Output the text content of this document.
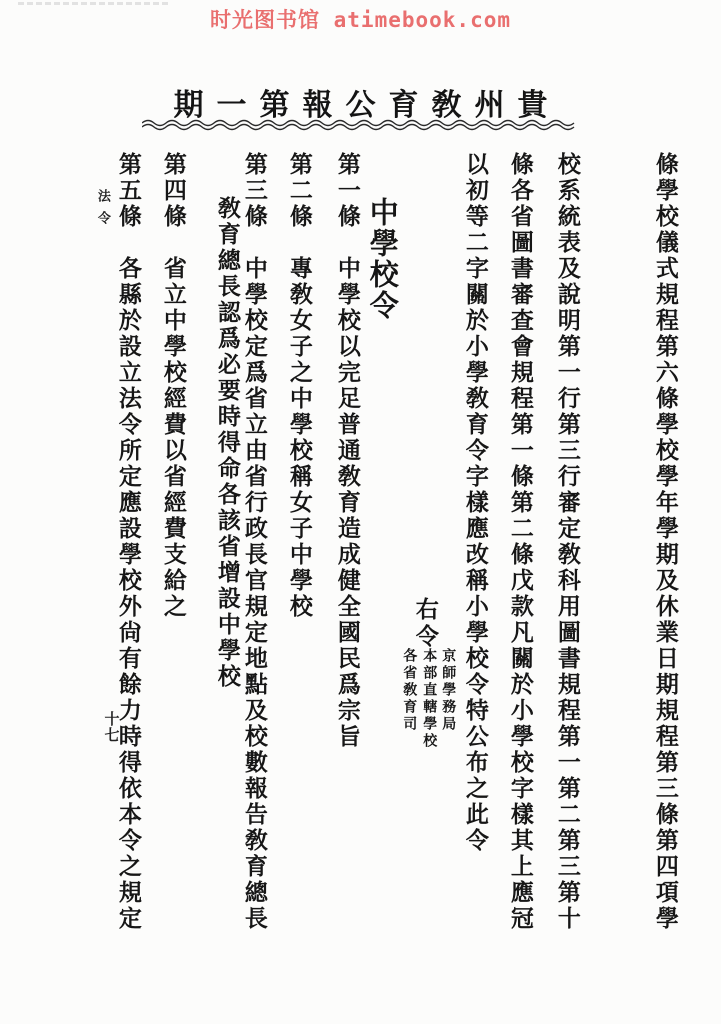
时光图书馆 atimebook.com
期一第報公育敎州貴
條學校儀式規程第六條學校學年學期及休業日期規程第三條第四項學
校系統表及說明第一行第三行審定敎科用圖書規程第一第二第三第十
條各省圖書審查會規程第一條第二條戊款凡關於小學校字樣其上應冠
以初等二字關於小學敎育令字樣應改稱小學校令特公布之此令
右令
京師學務局
本部直轄學校
各省敎育司
中學校令
第一條　中學校以完足普通敎育造成健全國民爲宗旨
第二條　專敎女子之中學校稱女子中學校
第三條　中學校定爲省立由省行政長官規定地點及校數報告敎育總長
敎育總長認爲必要時得命各該省增設中學校
第四條　省立中學校經費以省經費支給之
第五條　各縣於設立法令所定應設學校外尙有餘力時得依本令之規定
法令
十七
